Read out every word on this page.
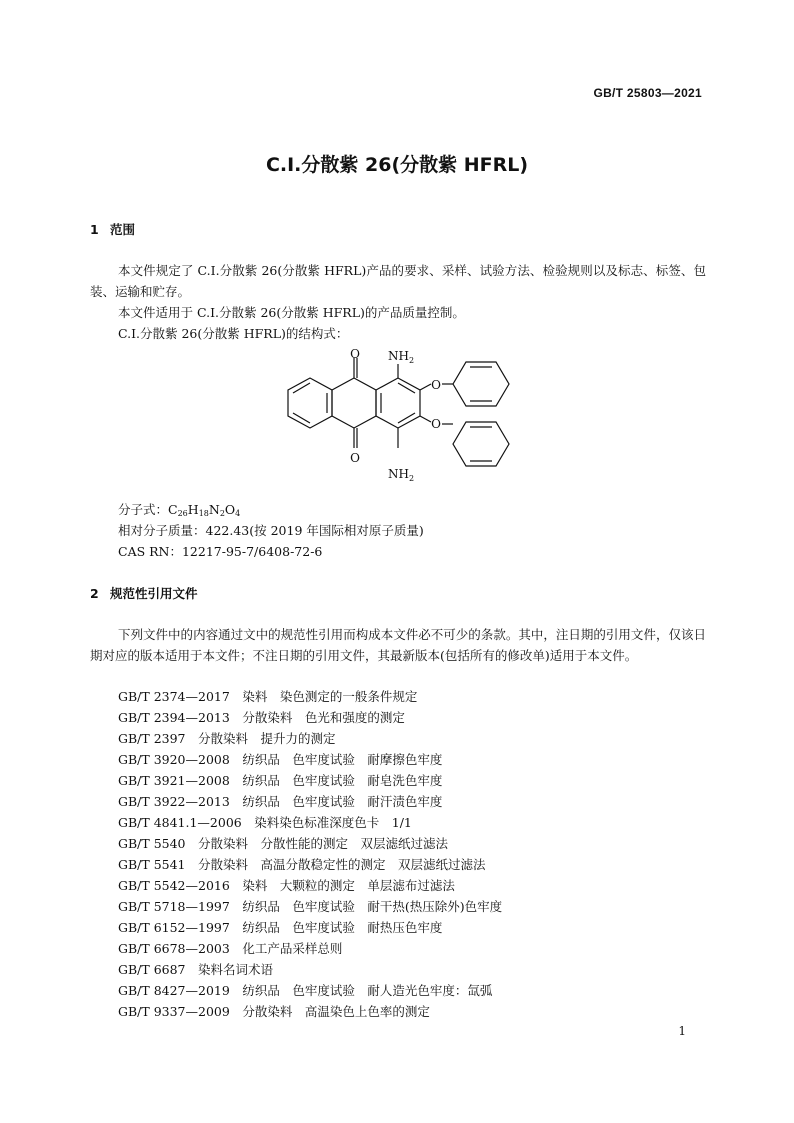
GB/T 25803—2021
C.I.分散紫 26(分散紫 HFRL)
1 范围
本文件规定了 C.I.分散紫 26(分散紫 HFRL)产品的要求、采样、试验方法、检验规则以及标志、标签、包装、运输和贮存。
本文件适用于 C.I.分散紫 26(分散紫 HFRL)的产品质量控制。
C.I.分散紫 26(分散紫 HFRL)的结构式：
O
O
O
O
$NH_2$
$NH_2$
分子式：$C_{26}H_{18}N_2O_4$
相对分子质量：422.43(按 2019 年国际相对原子质量)
CAS RN：12217-95-7/6408-72-6
2 规范性引用文件
下列文件中的内容通过文中的规范性引用而构成本文件必不可少的条款。其中，注日期的引用文件，仅该日期对应的版本适用于本文件；不注日期的引用文件，其最新版本(包括所有的修改单)适用于本文件。
GB/T 2374—2017　染料　染色测定的一般条件规定
GB/T 2394—2013　分散染料　色光和强度的测定
GB/T 2397　分散染料　提升力的测定
GB/T 3920—2008　纺织品　色牢度试验　耐摩擦色牢度
GB/T 3921—2008　纺织品　色牢度试验　耐皂洗色牢度
GB/T 3922—2013　纺织品　色牢度试验　耐汗渍色牢度
GB/T 4841.1—2006　染料染色标准深度色卡　1/1
GB/T 5540　分散染料　分散性能的测定　双层滤纸过滤法
GB/T 5541　分散染料　高温分散稳定性的测定　双层滤纸过滤法
GB/T 5542—2016　染料　大颗粒的测定　单层滤布过滤法
GB/T 5718—1997　纺织品　色牢度试验　耐干热(热压除外)色牢度
GB/T 6152—1997　纺织品　色牢度试验　耐热压色牢度
GB/T 6678—2003　化工产品采样总则
GB/T 6687　染料名词术语
GB/T 8427—2019　纺织品　色牢度试验　耐人造光色牢度：氙弧
GB/T 9337—2009　分散染料　高温染色上色率的测定
1
